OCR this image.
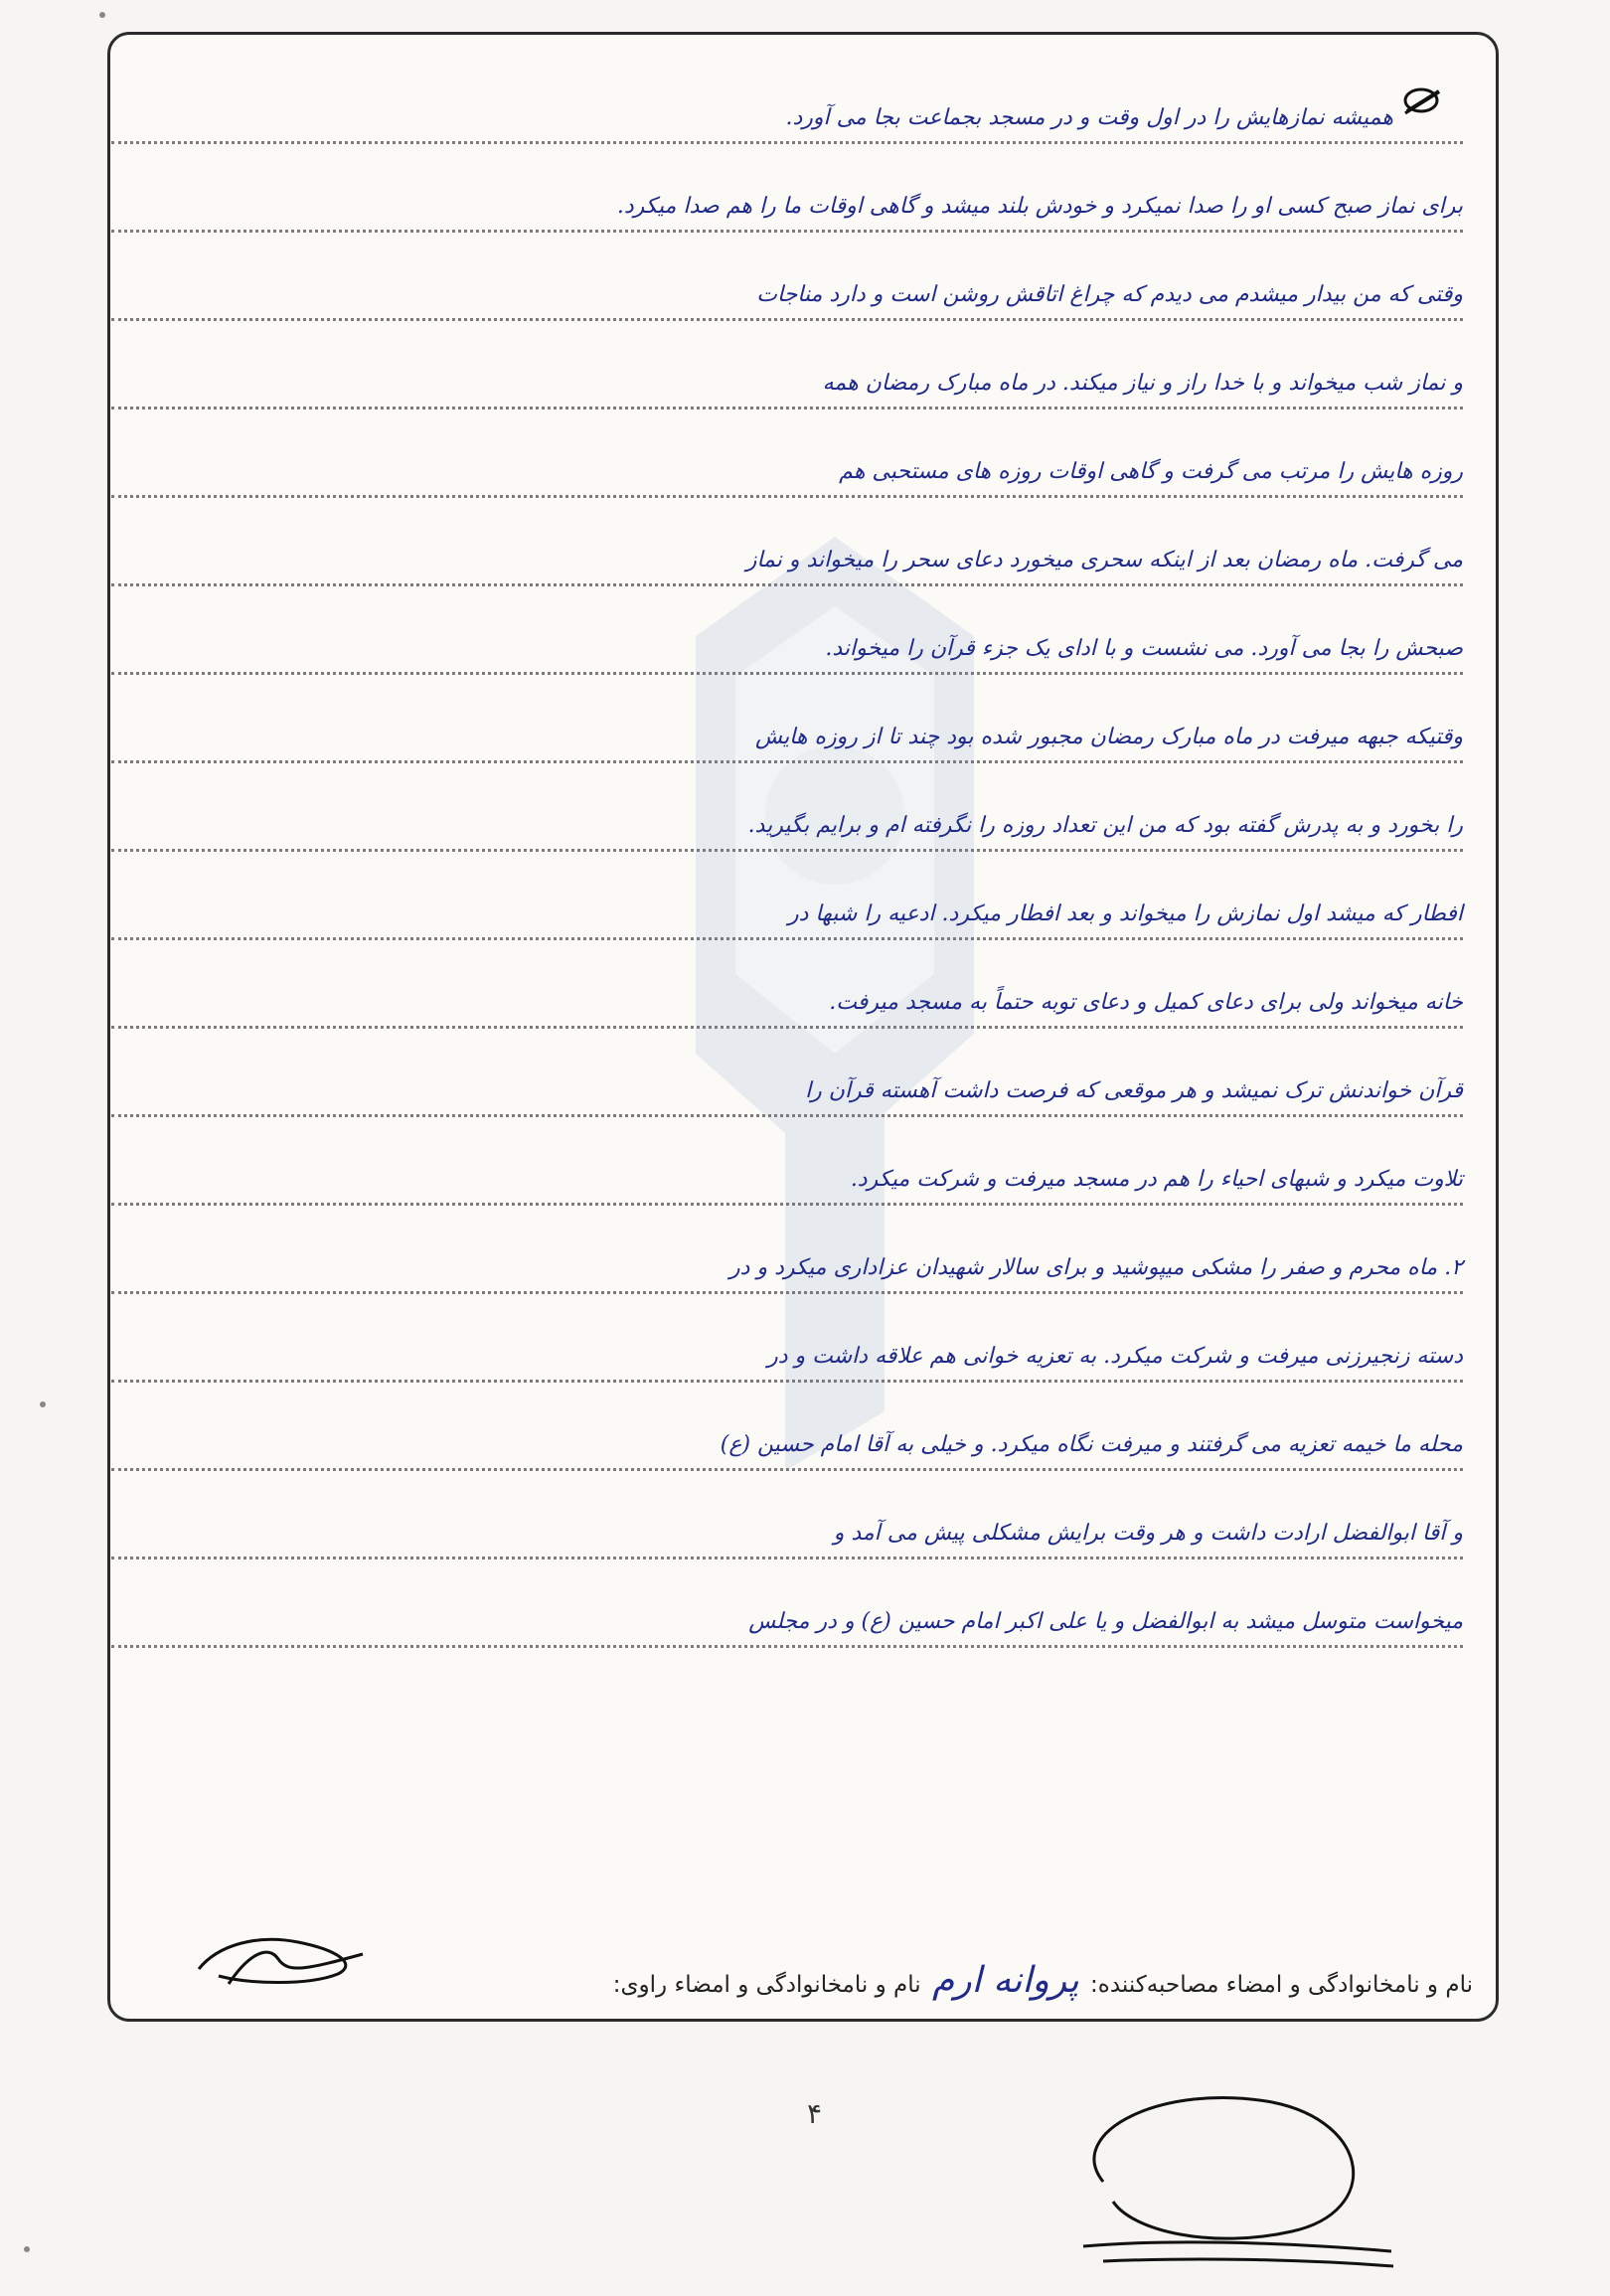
همیشه نمازهایش را در اول وقت و در مسجد بجماعت بجا می آورد.
برای نماز صبح کسی او را صدا نمیکرد و خودش بلند میشد و گاهی اوقات ما را هم صدا میکرد.
وقتی که من بیدار میشدم می دیدم که چراغ اتاقش روشن است و دارد مناجات
و نماز شب میخواند و با خدا راز و نیاز میکند. در ماه مبارک رمضان همه
روزه هایش را مرتب می گرفت و گاهی اوقات روزه های مستحبی هم
می گرفت. ماه رمضان بعد از اینکه سحری میخورد دعای سحر را میخواند و نماز
صبحش را بجا می آورد. می نشست و با ادای یک جزء قرآن را میخواند.
وقتیکه جبهه میرفت در ماه مبارک رمضان مجبور شده بود چند تا از روزه هایش
را بخورد و به پدرش گفته بود که من این تعداد روزه را نگرفته ام و برایم بگیرید.
افطار که میشد اول نمازش را میخواند و بعد افطار میکرد. ادعیه را شبها در
خانه میخواند ولی برای دعای کمیل و دعای توبه حتماً به مسجد میرفت.
قرآن خواندنش ترک نمیشد و هر موقعی که فرصت داشت آهسته قرآن را
تلاوت میکرد و شبهای احیاء را هم در مسجد میرفت و شرکت میکرد.
۲. ماه محرم و صفر را مشکی میپوشید و برای سالار شهیدان عزاداری میکرد و در
دسته زنجیرزنی میرفت و شرکت میکرد. به تعزیه خوانی هم علاقه داشت و در
محله ما خیمه تعزیه می گرفتند و میرفت نگاه میکرد. و خیلی به آقا امام حسین (ع)
و آقا ابوالفضل ارادت داشت و هر وقت برایش مشکلی پیش می آمد و
میخواست متوسل میشد به ابوالفضل و یا علی اکبر امام حسین (ع) و در مجلس
نام و نامخانوادگی و امضاء مصاحبه‌کننده: پروانه ارم نام و نامخانوادگی و امضاء راوی:
۴
